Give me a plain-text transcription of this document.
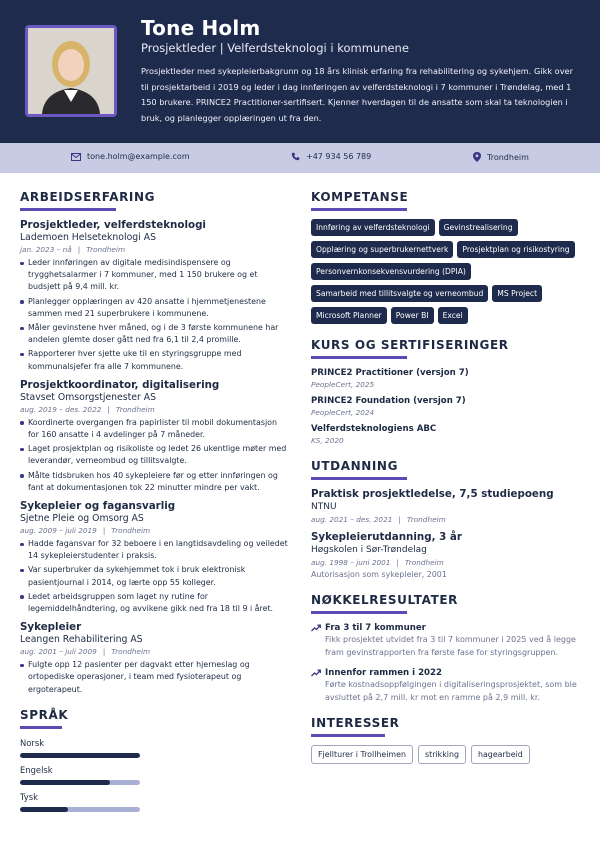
Tone Holm
Prosjektleder | Velferdsteknologi i kommunene
Prosjektleder med sykepleierbakgrunn og 18 års klinisk erfaring fra rehabilitering og sykehjem. Gikk over til prosjektarbeid i 2019 og leder i dag innføringen av velferdsteknologi i 7 kommuner i Trøndelag, med 1 150 brukere. PRINCE2 Practitioner-sertifisert. Kjenner hverdagen til de ansatte som skal ta teknologien i bruk, og planlegger opplæringen ut fra den.
tone.holm@example.com	+47 934 56 789	Trondheim
ARBEIDSERFARING
Prosjektleder, velferdsteknologi
Lademoen Helseteknologi AS
jan. 2023 – nå | Trondheim
Leder innføringen av digitale medisindispensere og trygghetsalarmer i 7 kommuner, med 1 150 brukere og et budsjett på 9,4 mill. kr.
Planlegger opplæringen av 420 ansatte i hjemmetjenestene sammen med 21 superbrukere i kommunene.
Måler gevinstene hver måned, og i de 3 første kommunene har andelen glemte doser gått ned fra 6,1 til 2,4 promille.
Rapporterer hver sjette uke til en styringsgruppe med kommunalsjefer fra alle 7 kommunene.
Prosjektkoordinator, digitalisering
Stavset Omsorgstjenester AS
aug. 2019 – des. 2022 | Trondheim
Koordinerte overgangen fra papirlister til mobil dokumentasjon for 160 ansatte i 4 avdelinger på 7 måneder.
Laget prosjektplan og risikoliste og ledet 26 ukentlige møter med leverandør, verneombud og tillitsvalgte.
Målte tidsbruken hos 40 sykepleiere før og etter innføringen og fant at dokumentasjonen tok 22 minutter mindre per vakt.
Sykepleier og fagansvarlig
Sjetne Pleie og Omsorg AS
aug. 2009 – juli 2019 | Trondheim
Hadde fagansvar for 32 beboere i en langtidsavdeling og veiledet 14 sykepleierstudenter i praksis.
Var superbruker da sykehjemmet tok i bruk elektronisk pasientjournal i 2014, og lærte opp 55 kolleger.
Ledet arbeidsgruppen som laget ny rutine for legemiddelhåndtering, og avvikene gikk ned fra 18 til 9 i året.
Sykepleier
Leangen Rehabilitering AS
aug. 2001 – juli 2009 | Trondheim
Fulgte opp 12 pasienter per dagvakt etter hjerneslag og ortopediske operasjoner, i team med fysioterapeut og ergoterapeut.
SPRÅK
Norsk
Engelsk
Tysk
KOMPETANSE
Innføring av velferdsteknologi	Gevinstrealisering
Opplæring og superbrukernettverk	Prosjektplan og risikostyring
Personvernkonsekvensvurdering (DPIA)
Samarbeid med tillitsvalgte og verneombud	MS Project
Microsoft Planner	Power BI	Excel
KURS OG SERTIFISERINGER
PRINCE2 Practitioner (versjon 7)
PeopleCert, 2025
PRINCE2 Foundation (versjon 7)
PeopleCert, 2024
Velferdsteknologiens ABC
KS, 2020
UTDANNING
Praktisk prosjektledelse, 7,5 studiepoeng
NTNU
aug. 2021 – des. 2021 | Trondheim
Sykepleierutdanning, 3 år
Høgskolen i Sør-Trøndelag
aug. 1998 – juni 2001 | Trondheim
Autorisasjon som sykepleier, 2001
NØKKELRESULTATER
Fra 3 til 7 kommuner
Fikk prosjektet utvidet fra 3 til 7 kommuner i 2025 ved å legge fram gevinstrapporten fra første fase for styringsgruppen.
Innenfor rammen i 2022
Førte kostnadsoppfølgingen i digitaliseringsprosjektet, som ble avsluttet på 2,7 mill. kr mot en ramme på 2,9 mill. kr.
INTERESSER
Fjellturer i Trollheimen	strikking	hagearbeid
